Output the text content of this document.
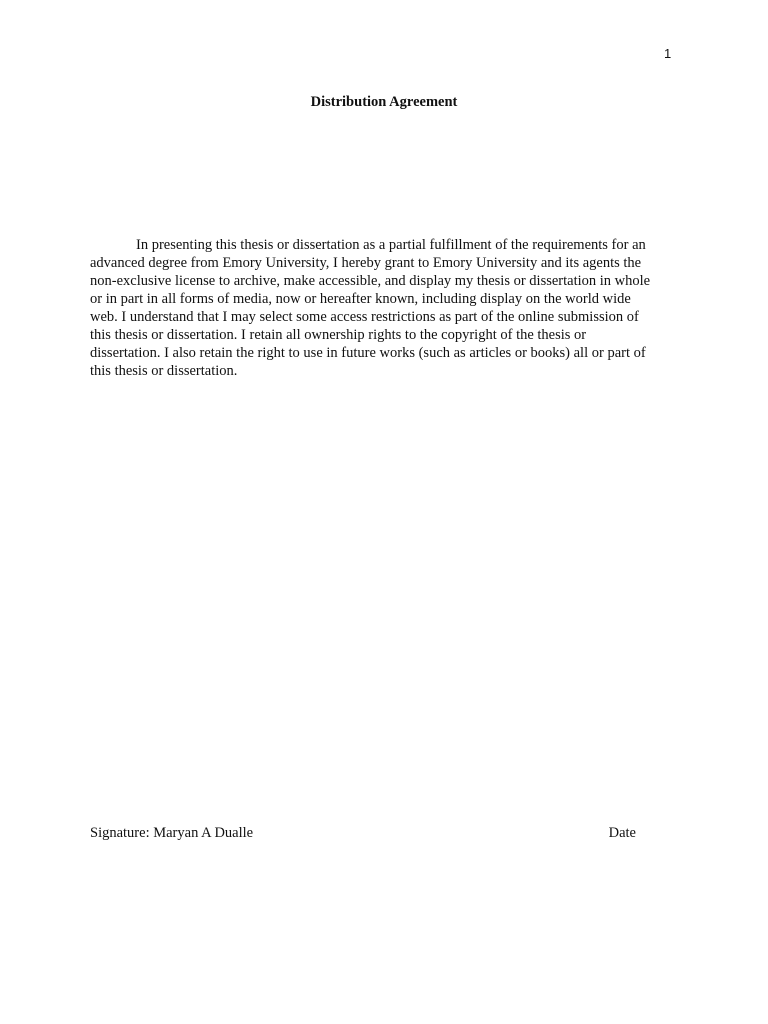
1
Distribution Agreement
In presenting this thesis or dissertation as a partial fulfillment of the requirements for an
advanced degree from Emory University, I hereby grant to Emory University and its agents the
non-exclusive license to archive, make accessible, and display my thesis or dissertation in whole
or in part in all forms of media, now or hereafter known, including display on the world wide
web. I understand that I may select some access restrictions as part of the online submission of
this thesis or dissertation. I retain all ownership rights to the copyright of the thesis or
dissertation. I also retain the right to use in future works (such as articles or books) all or part of
this thesis or dissertation.
Signature: Maryan A Dualle	Date
